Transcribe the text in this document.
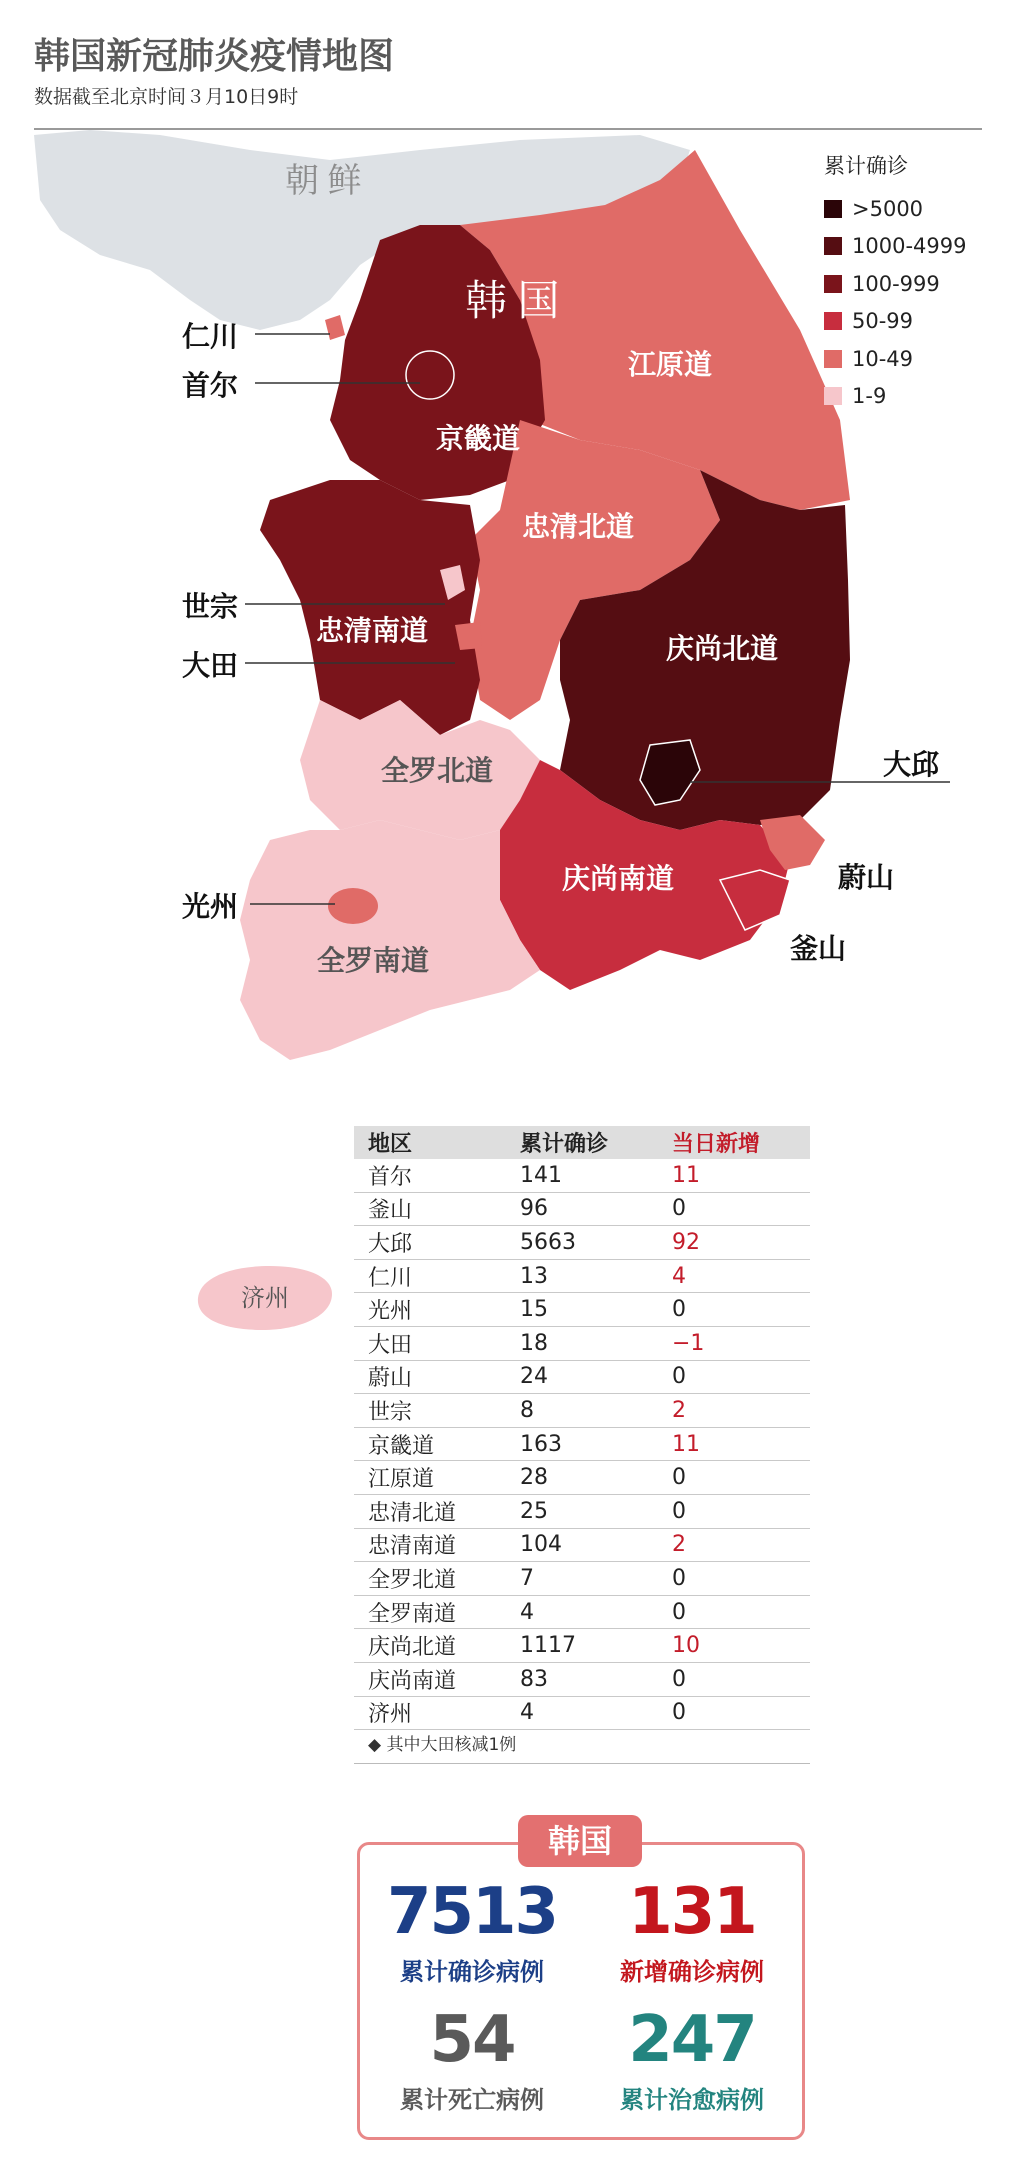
韩国新冠肺炎疫情地图
数据截至北京时间３月10日9时
朝 鲜
韩 国
京畿道
江原道
忠清北道
忠清南道
庆尚北道
全罗北道
庆尚南道
全罗南道
仁川
首尔
世宗
大田
光州
大邱
蔚山
釜山
累计确诊
>5000
1000-4999
100-999
50-99
10-49
1-9
济州
地区	累计确诊	当日新增
首尔	141	11
釜山	96	0
大邱	5663	92
仁川	13	4
光州	15	0
大田	18	−1
蔚山	24	0
世宗	8	2
京畿道	163	11
江原道	28	0
忠清北道	25	0
忠清南道	104	2
全罗北道	7	0
全罗南道	4	0
庆尚北道	1117	10
庆尚南道	83	0
济州	4	0
◆ 其中大田核减1例
韩国
7513
累计确诊病例
131
新增确诊病例
54
累计死亡病例
247
累计治愈病例
